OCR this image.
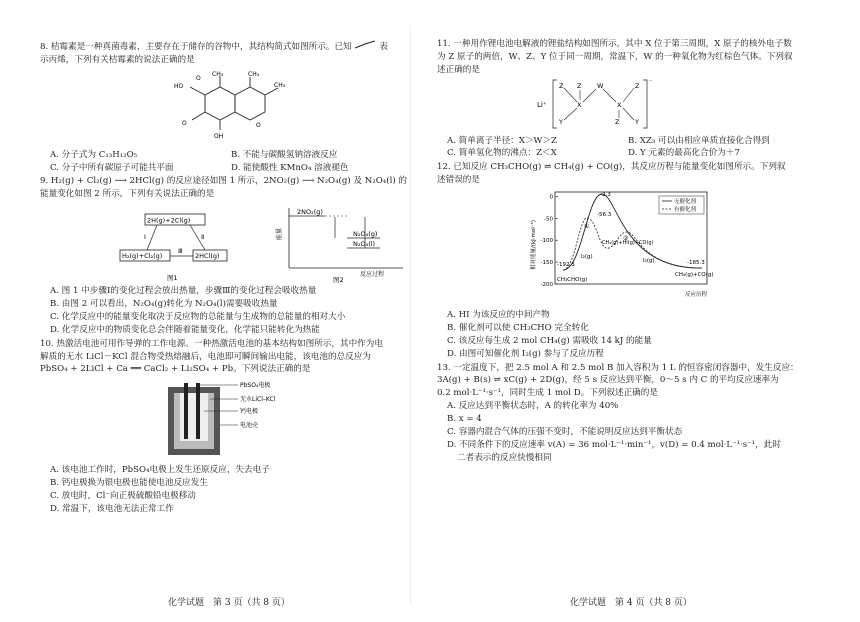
8. 桔霉素是一种真菌毒素，主要存在于储存的谷物中，其结构简式如图所示。已知	表
示丙烯，下列有关桔霉素的说法正确的是
HO
O
CH₃	CH₃
CH₃
O
OH
O
A. 分子式为 C₁₃H₁₂O₅	B. 不能与碳酸氢钠溶液反应
C. 分子中所有碳原子可能共平面	D. 能使酸性 KMnO₄ 溶液褪色
9. H₂(g) + Cl₂(g) ⟶ 2HCl(g) 的反应途径如图 1 所示，2NO₂(g) ⟶ N₂O₄(g) 及 N₂O₄(l) 的
能量变化如图 2 所示，下列有关说法正确的是
2H(g)+2Cl(g)
H₂(g)+Cl₂(g)	2HCl(g)
Ⅰ	Ⅱ
Ⅲ
图1
能量
2NO₂(g)
N₂O₄(g)
N₂O₄(l)
反应过程
图2
A. 图 1 中步骤Ⅰ的变化过程会放出热量，步骤Ⅲ的变化过程会吸收热量
B. 由图 2 可以看出，N₂O₄(g)转化为 N₂O₄(l)需要吸收热量
C. 化学反应中的能量变化取决于反应物的总能量与生成物的总能量的相对大小
D. 化学反应中的物质变化总会伴随着能量变化，化学能只能转化为热能
10. 热激活电池可用作导弹的工作电源。一种热激活电池的基本结构如图所示，其中作为电
解质的无水 LiCl－KCl 混合物受热熔融后，电池即可瞬间输出电能，该电池的总反应为
PbSO₄ + 2LiCl + Ca ══ CaCl₂ + Li₂SO₄ + Pb。下列说法正确的是
PbSO₄电极
无水LiCl–KCl
钙电极
电池壳
A. 该电池工作时，PbSO₄电极上发生还原反应，失去电子
B. 钙电极换为银电极也能使电池反应发生
C. 放电时，Cl⁻向正极硫酸铅电极移动
D. 常温下，该电池无法正常工作
化学试题　第 3 页（共 8 页）
11. 一种用作锂电池电解液的锂盐结构如图所示，其中 X 位于第三周期，X 原子的核外电子数
为 Z 原子的两倍，W、Z、Y 位于同一周期，常温下，W 的一种氧化物为红棕色气体。下列叙
述正确的是
Li⁺
⁻
Z
Y
X
W
X
Z
Y
Z
Z
A. 简单离子半径：X＞W＞Z	B. XZ₃ 可以由相应单质直接化合得到
C. 简单氢化物的沸点：Z＜X	D. Y 元素的最高化合价为＋7
12. 已知反应 CH₃CHO(g) ⇌ CH₄(g) + CO(g)，其反应历程与能量变化如图所示。下列叙
述错误的是
0
-50
-100
-150
-200
无催化剂
有催化剂
-2.3
-56.3
-192.3	-185.3
①
②
I₂(g)
I₂(g)
CH₄(g)+HI(g)+CO(g)
CH₃CHO(g)
CH₄(g)+CO(g)
相对能量/(kJ·mol⁻¹)
反应历程
A. HI 为该反应的中间产物
B. 催化剂可以使 CH₃CHO 完全转化
C. 该反应每生成 2 mol CH₄(g) 需吸收 14 kJ 的能量
D. 由图可知催化剂 I₂(g) 参与了反应历程
13. 一定温度下，把 2.5 mol A 和 2.5 mol B 加入容积为 1 L 的恒容密闭容器中，发生反应：
3A(g) + B(s) ⇌ xC(g) + 2D(g)，经 5 s 反应达到平衡，0～5 s 内 C 的平均反应速率为
0.2 mol·L⁻¹·s⁻¹，同时生成 1 mol D。下列叙述正确的是
A. 反应达到平衡状态时，A 的转化率为 40%
B. x = 4
C. 容器内混合气体的压强不变时，不能说明反应达到平衡状态
D. 不同条件下的反应速率 v(A) = 36 mol·L⁻¹·min⁻¹，v(D) = 0.4 mol·L⁻¹·s⁻¹，此时
二者表示的反应快慢相同
化学试题　第 4 页（共 8 页）
